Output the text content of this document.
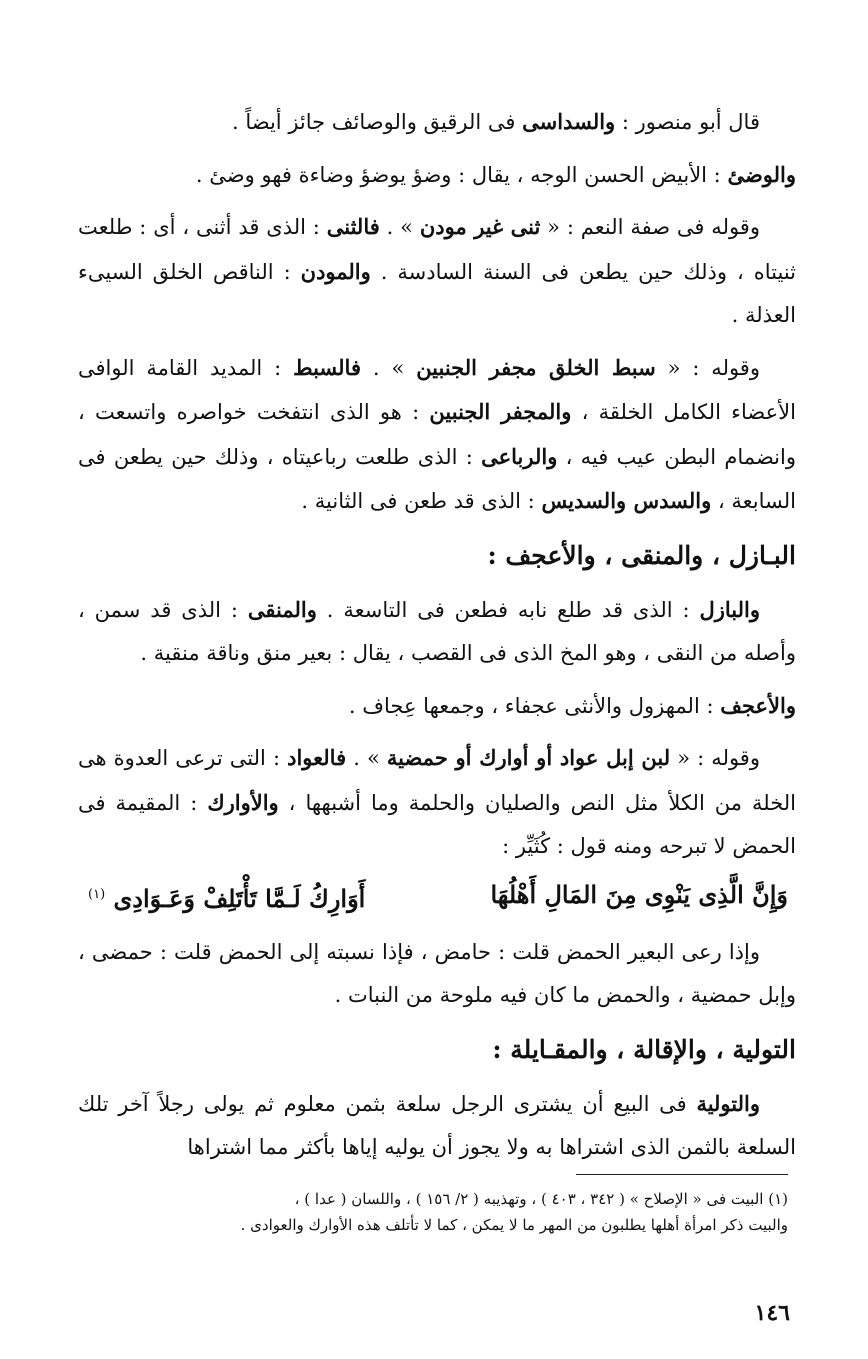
قال أبو منصور : والسداسى فى الرقيق والوصائف جائز أيضاً .

والوضئ : الأبيض الحسن الوجه ، يقال : وضؤ يوضؤ وضاءة فهو وضئ .

وقوله فى صفة النعم : « ثنى غير مودن » . فالثنى : الذى قد أثنى ، أى : طلعت ثنيتاه ، وذلك حين يطعن فى السنة السادسة . والمودن : الناقص الخلق السيىء العذلة .

وقوله : « سبط الخلق مجفر الجنبين » . فالسبط : المديد القامة الوافى الأعضاء الكامل الخلقة ، والمجفر الجنبين : هو الذى انتفخت خواصره واتسعت ، وانضمام البطن عيب فيه ، والرباعى : الذى طلعت رباعيتاه ، وذلك حين يطعن فى السابعة ، والسدس والسديس : الذى قد طعن فى الثانية .

البـازل ، والمنقى ، والأعجف :

والبازل : الذى قد طلع نابه فطعن فى التاسعة . والمنقى : الذى قد سمن ، وأصله من النقى ، وهو المخ الذى فى القصب ، يقال : بعير منق وناقة منقية .

والأعجف : المهزول والأنثى عجفاء ، وجمعها عِجاف .

وقوله : « لبن إبل عواد أو أوارك أو حمضية » . فالعواد : التى ترعى العدوة هى الخلة من الكلأ مثل النص والصليان والحلمة وما أشبهها ، والأوارك : المقيمة فى الحمض لا تبرحه ومنه قول : كُثَيِّر :

وَإِنَّ الَّذِى يَنْوِى مِنَ المَالِ أَهْلُهَا
أَوَارِكُ لَـمَّا تَأْتَلِفْ وَعَـوَادِى $^{(١)}$

وإذا رعى البعير الحمض قلت : حامض ، فإذا نسبته إلى الحمض قلت : حمضى ، وإبل حمضية ، والحمض ما كان فيه ملوحة من النبات .

التولية ، والإقالة ، والمقـايلة :

والتولية فى البيع أن يشترى الرجل سلعة بثمن معلوم ثم يولى رجلاً آخر تلك السلعة بالثمن الذى اشتراها به ولا يجوز أن يوليه إياها بأكثر مما اشتراها

(١) البيت فى « الإصلاح » ( ٣٤٢ ، ٤٠٣ ) ، وتهذيبه ( ٢/ ١٥٦ ) ، واللسان ( عدا ) ،

والبيت ذكر امرأة أهلها يطلبون من المهر ما لا يمكن ، كما لا تأتلف هذه الأوارك والعوادى .

١٤٦
